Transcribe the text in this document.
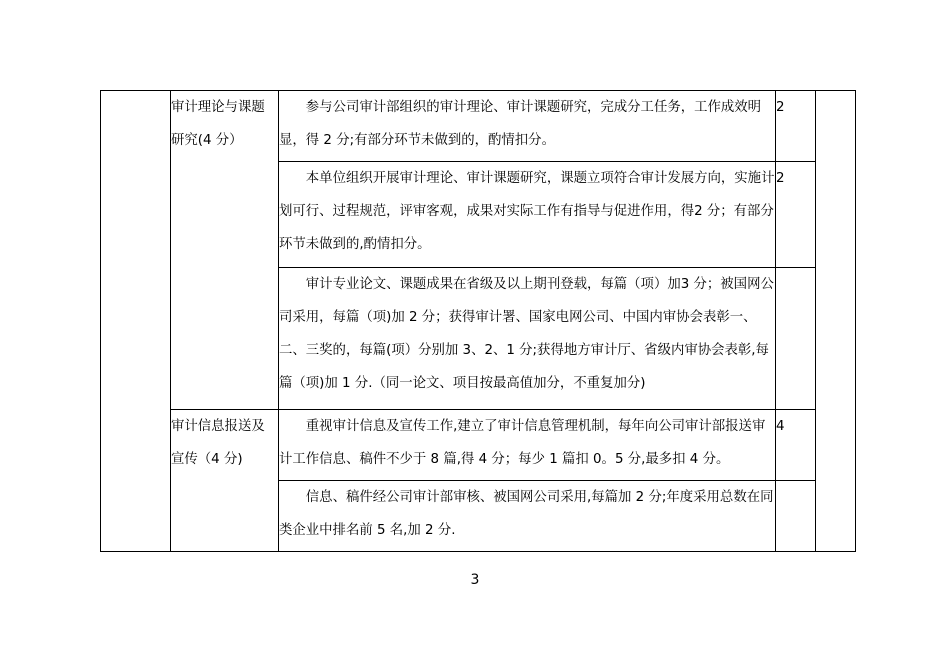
	审计理论与课题研究(4 分）	参与公司审计部组织的审计理论、审计课题研究，完成分工任务，工作成效明显，得 2 分;有部分环节未做到的，酌情扣分。	2	
		本单位组织开展审计理论、审计课题研究，课题立项符合审计发展方向，实施计划可行、过程规范，评审客观，成果对实际工作有指导与促进作用，得2 分；有部分环节未做到的,酌情扣分。	2	
		审计专业论文、课题成果在省级及以上期刊登载，每篇（项）加3 分；被国网公司采用，每篇（项)加 2 分；获得审计署、国家电网公司、中国内审协会表彰一、二、三奖的，每篇(项）分别加 3、2、1 分;获得地方审计厅、省级内审协会表彰,每篇（项)加 1 分.（同一论文、项目按最高值加分，不重复加分)		
	审计信息报送及宣传（4 分)	重视审计信息及宣传工作,建立了审计信息管理机制，每年向公司审计部报送审计工作信息、稿件不少于 8 篇,得 4 分；每少 1 篇扣 0。5 分,最多扣 4 分。	4	
		信息、稿件经公司审计部审核、被国网公司采用,每篇加 2 分;年度采用总数在同类企业中排名前 5 名,加 2 分.		
3
